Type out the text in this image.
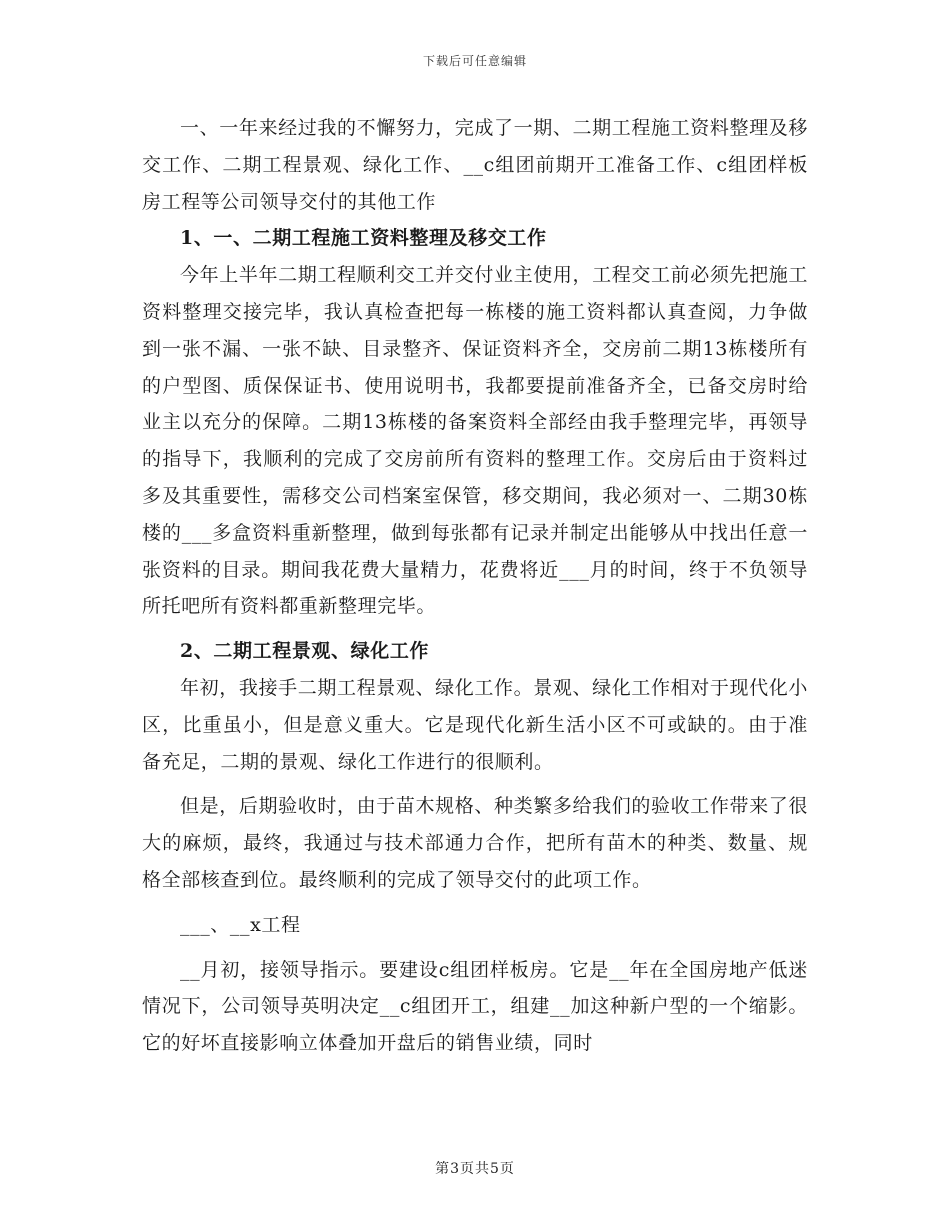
下载后可任意编辑

一、一年来经过我的不懈努力，完成了一期、二期工程施工资料整理及移交工作、二期工程景观、绿化工作、__c组团前期开工准备工作、c组团样板房工程等公司领导交付的其他工作

1、一、二期工程施工资料整理及移交工作

今年上半年二期工程顺利交工并交付业主使用，工程交工前必须先把施工资料整理交接完毕，我认真检查把每一栋楼的施工资料都认真查阅，力争做到一张不漏、一张不缺、目录整齐、保证资料齐全，交房前二期13栋楼所有的户型图、质保保证书、使用说明书，我都要提前准备齐全，已备交房时给业主以充分的保障。二期13栋楼的备案资料全部经由我手整理完毕，再领导的指导下，我顺利的完成了交房前所有资料的整理工作。交房后由于资料过多及其重要性，需移交公司档案室保管，移交期间，我必须对一、二期30栋楼的___多盒资料重新整理，做到每张都有记录并制定出能够从中找出任意一张资料的目录。期间我花费大量精力，花费将近___月的时间，终于不负领导所托吧所有资料都重新整理完毕。

2、二期工程景观、绿化工作

年初，我接手二期工程景观、绿化工作。景观、绿化工作相对于现代化小区，比重虽小，但是意义重大。它是现代化新生活小区不可或缺的。由于准备充足，二期的景观、绿化工作进行的很顺利。

但是，后期验收时，由于苗木规格、种类繁多给我们的验收工作带来了很大的麻烦，最终，我通过与技术部通力合作，把所有苗木的种类、数量、规格全部核查到位。最终顺利的完成了领导交付的此项工作。

___、__x工程

__月初，接领导指示。要建设c组团样板房。它是__年在全国房地产低迷情况下，公司领导英明决定__c组团开工，组建__加这种新户型的一个缩影。它的好坏直接影响立体叠加开盘后的销售业绩，同时

第3页共5页
